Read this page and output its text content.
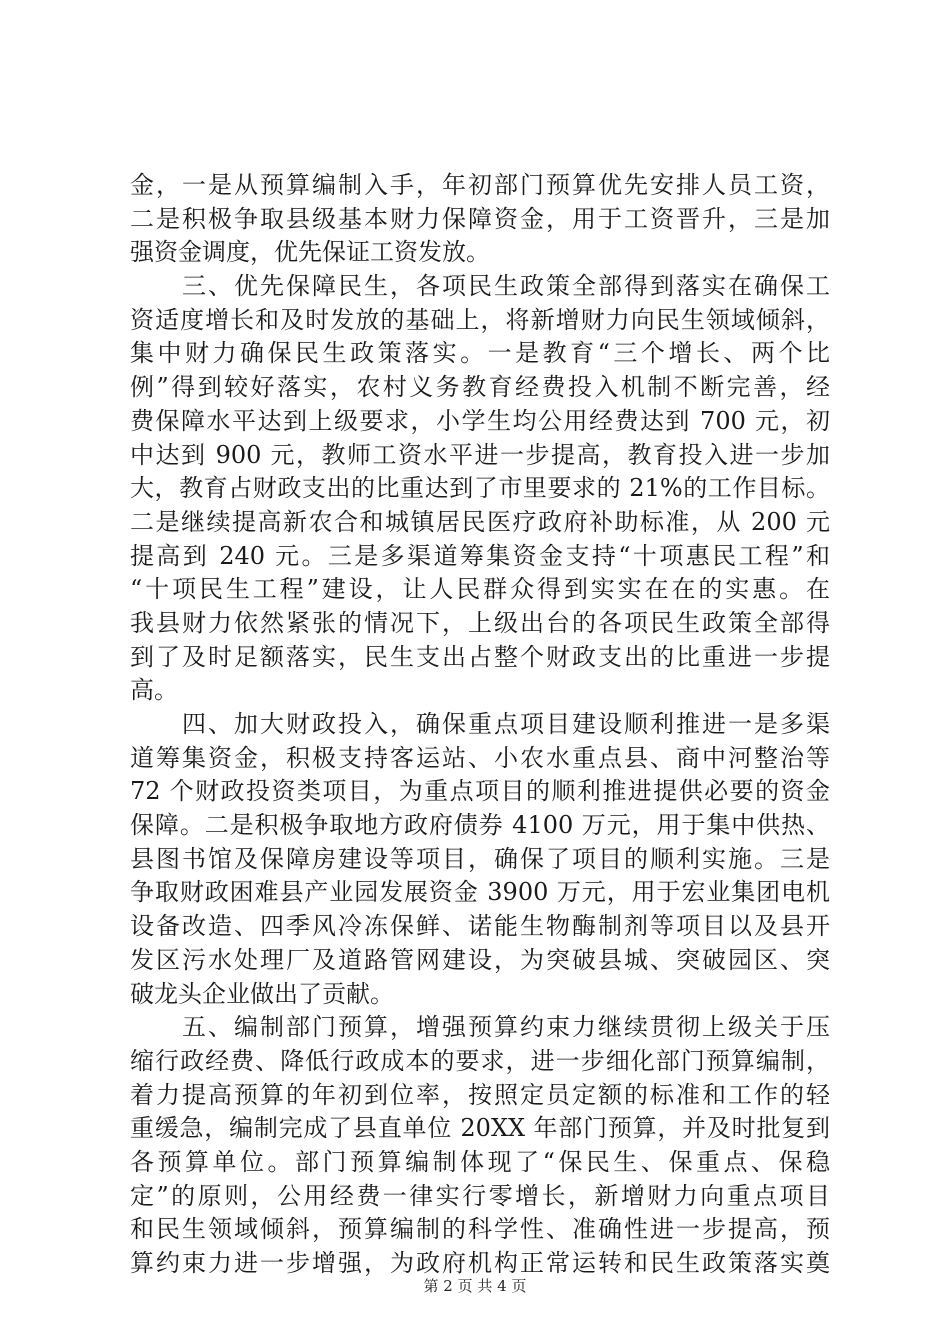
金，一是从预算编制入手，年初部门预算优先安排人员工资，
二是积极争取县级基本财力保障资金，用于工资晋升，三是加
强资金调度，优先保证工资发放。
　　三、优先保障民生，各项民生政策全部得到落实在确保工
资适度增长和及时发放的基础上，将新增财力向民生领域倾斜，
集中财力确保民生政策落实。一是教育“三个增长、两个比
例”得到较好落实，农村义务教育经费投入机制不断完善，经
费保障水平达到上级要求，小学生均公用经费达到 700 元，初
中达到 900 元，教师工资水平进一步提高，教育投入进一步加
大，教育占财政支出的比重达到了市里要求的 21%的工作目标。
二是继续提高新农合和城镇居民医疗政府补助标准，从 200 元
提高到 240 元。三是多渠道筹集资金支持“十项惠民工程”和
“十项民生工程”建设，让人民群众得到实实在在的实惠。在
我县财力依然紧张的情况下，上级出台的各项民生政策全部得
到了及时足额落实，民生支出占整个财政支出的比重进一步提
高。
　　四、加大财政投入，确保重点项目建设顺利推进一是多渠
道筹集资金，积极支持客运站、小农水重点县、商中河整治等
72 个财政投资类项目，为重点项目的顺利推进提供必要的资金
保障。二是积极争取地方政府债券 4100 万元，用于集中供热、
县图书馆及保障房建设等项目，确保了项目的顺利实施。三是
争取财政困难县产业园发展资金 3900 万元，用于宏业集团电机
设备改造、四季风冷冻保鲜、诺能生物酶制剂等项目以及县开
发区污水处理厂及道路管网建设，为突破县城、突破园区、突
破龙头企业做出了贡献。
　　五、编制部门预算，增强预算约束力继续贯彻上级关于压
缩行政经费、降低行政成本的要求，进一步细化部门预算编制，
着力提高预算的年初到位率，按照定员定额的标准和工作的轻
重缓急，编制完成了县直单位 20XX 年部门预算，并及时批复到
各预算单位。部门预算编制体现了“保民生、保重点、保稳
定”的原则，公用经费一律实行零增长，新增财力向重点项目
和民生领域倾斜，预算编制的科学性、准确性进一步提高，预
算约束力进一步增强，为政府机构正常运转和民生政策落实奠
第 2 页 共 4 页
